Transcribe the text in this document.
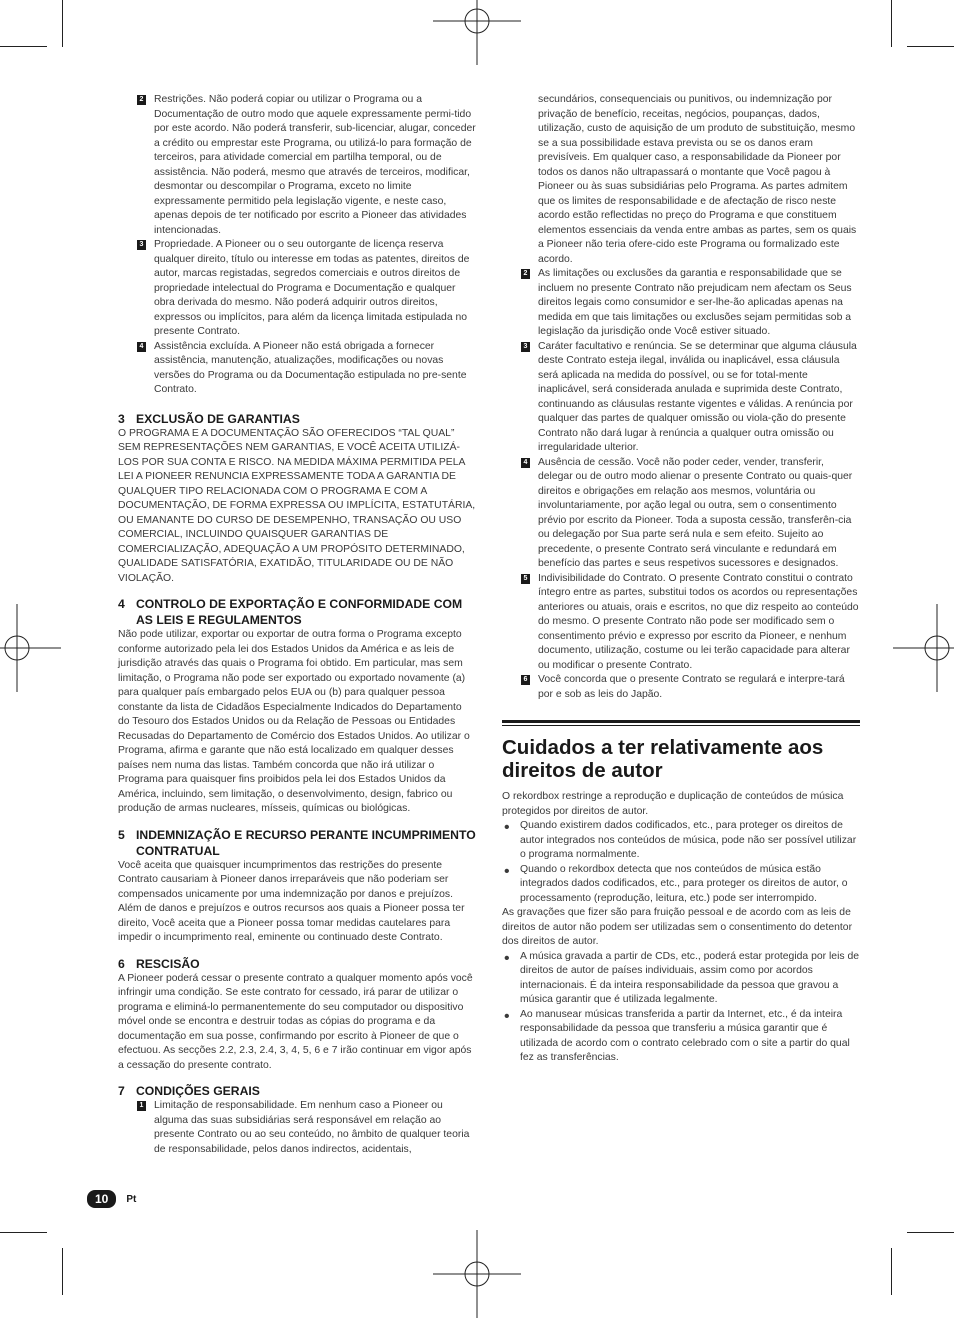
2 Restrições. Não poderá copiar ou utilizar o Programa ou a Documentação de outro modo que aquele expressamente permi-tido por este acordo. Não poderá transferir, sub-licenciar, alugar, conceder a crédito ou emprestar este Programa, ou utilizá-lo para formação de terceiros, para atividade comercial em partilha temporal, ou de assistência. Não poderá, mesmo que através de terceiros, modificar, desmontar ou descompilar o Programa, exceto no limite expressamente permitido pela legislação vigente, e neste caso, apenas depois de ter notificado por escrito a Pioneer das atividades intencionadas.

3 Propriedade. A Pioneer ou o seu outorgante de licença reserva qualquer direito, título ou interesse em todas as patentes, direitos de autor, marcas registadas, segredos comerciais e outros direitos de propriedade intelectual do Programa e Documentação e qualquer obra derivada do mesmo. Não poderá adquirir outros direitos, expressos ou implícitos, para além da licença limitada estipulada no presente Contrato.

4 Assistência excluída. A Pioneer não está obrigada a fornecer assistência, manutenção, atualizações, modificações ou novas versões do Programa ou da Documentação estipulada no pre-sente Contrato.

3 EXCLUSÃO DE GARANTIAS

O PROGRAMA E A DOCUMENTAÇÃO SÃO OFERECIDOS “TAL QUAL” SEM REPRESENTAÇÕES NEM GARANTIAS, E VOCÊ ACEITA UTILIZÁ-LOS POR SUA CONTA E RISCO. NA MEDIDA MÁXIMA PERMITIDA PELA LEI A PIONEER RENUNCIA EXPRESSAMENTE TODA A GARANTIA DE QUALQUER TIPO RELACIONADA COM O PROGRAMA E COM A DOCUMENTAÇÃO, DE FORMA EXPRESSA OU IMPLÍCITA, ESTATUTÁRIA, OU EMANANTE DO CURSO DE DESEMPENHO, TRANSAÇÃO OU USO COMERCIAL, INCLUINDO QUAISQUER GARANTIAS DE COMERCIALIZAÇÃO, ADEQUAÇÃO A UM PROPÓSITO DETERMINADO, QUALIDADE SATISFATÓRIA, EXATIDÃO, TITULARIDADE OU DE NÃO VIOLAÇÃO.

4 CONTROLO DE EXPORTAÇÃO E CONFORMIDADE COM AS LEIS E REGULAMENTOS

Não pode utilizar, exportar ou exportar de outra forma o Programa excepto conforme autorizado pela lei dos Estados Unidos da América e as leis de jurisdição através das quais o Programa foi obtido. Em particular, mas sem limitação, o Programa não pode ser exportado ou exportado novamente (a) para qualquer país embargado pelos EUA ou (b) para qualquer pessoa constante da lista de Cidadãos Especialmente Indicados do Departamento do Tesouro dos Estados Unidos ou da Relação de Pessoas ou Entidades Recusadas do Departamento de Comércio dos Estados Unidos. Ao utilizar o Programa, afirma e garante que não está localizado em qualquer desses países nem numa das listas. Também concorda que não irá utilizar o Programa para quaisquer fins proibidos pela lei dos Estados Unidos da América, incluindo, sem limitação, o desenvolvimento, design, fabrico ou produção de armas nucleares, mísseis, químicas ou biológicas.

5 INDEMNIZAÇÃO E RECURSO PERANTE INCUMPRIMENTO CONTRATUAL

Você aceita que quaisquer incumprimentos das restrições do presente Contrato causariam à Pioneer danos irreparáveis que não poderiam ser compensados unicamente por uma indemnização por danos e prejuízos. Além de danos e prejuízos e outros recursos aos quais a Pioneer possa ter direito, Você aceita que a Pioneer possa tomar medidas cautelares para impedir o incumprimento real, eminente ou continuado deste Contrato.

6 RESCISÃO

A Pioneer poderá cessar o presente contrato a qualquer momento após você infringir uma condição. Se este contrato for cessado, irá parar de utilizar o programa e eliminá-lo permanentemente do seu computador ou dispositivo móvel onde se encontra e destruir todas as cópias do programa e da documentação em sua posse, confirmando por escrito à Pioneer de que o efectuou. As secções 2.2, 2.3, 2.4, 3, 4, 5, 6 e 7 irão continuar em vigor após a cessação do presente contrato.

7 CONDIÇÕES GERAIS
1 Limitação de responsabilidade. Em nenhum caso a Pioneer ou alguma das suas subsidiárias será responsável em relação ao presente Contrato ou ao seu conteúdo, no âmbito de qualquer teoria de responsabilidade, pelos danos indirectos, acidentais,

secundários, consequenciais ou punitivos, ou indemnização por privação de benefício, receitas, negócios, poupanças, dados, utilização, custo de aquisição de um produto de substituição, mesmo se a sua possibilidade estava prevista ou se os danos eram previsíveis. Em qualquer caso, a responsabilidade da Pioneer por todos os danos não ultrapassará o montante que Você pagou à Pioneer ou às suas subsidiárias pelo Programa. As partes admitem que os limites de responsabilidade e de afectação de risco neste acordo estão reflectidas no preço do Programa e que constituem elementos essenciais da venda entre ambas as partes, sem os quais a Pioneer não teria ofere-cido este Programa ou formalizado este acordo.

2 As limitações ou exclusões da garantia e responsabilidade que se incluem no presente Contrato não prejudicam nem afectam os Seus direitos legais como consumidor e ser-lhe-ão aplicadas apenas na medida em que tais limitações ou exclusões sejam permitidas sob a legislação da jurisdição onde Você estiver situado.

3 Caráter facultativo e renúncia. Se se determinar que alguma cláusula deste Contrato esteja ilegal, inválida ou inaplicável, essa cláusula será aplicada na medida do possível, ou se for total-mente inaplicável, será considerada anulada e suprimida deste Contrato, continuando as cláusulas restante vigentes e válidas. A renúncia por qualquer das partes de qualquer omissão ou viola-ção do presente Contrato não dará lugar à renúncia a qualquer outra omissão ou irregularidade ulterior.

4 Ausência de cessão. Você não poder ceder, vender, transferir, delegar ou de outro modo alienar o presente Contrato ou quais-quer direitos e obrigações em relação aos mesmos, voluntária ou involuntariamente, por ação legal ou outra, sem o consentimento prévio por escrito da Pioneer. Toda a suposta cessão, transferên-cia ou delegação por Sua parte será nula e sem efeito. Sujeito ao precedente, o presente Contrato será vinculante e redundará em benefício das partes e seus respetivos sucessores e designados.

5 Indivisibilidade do Contrato. O presente Contrato constitui o contrato íntegro entre as partes, substitui todos os acordos ou representações anteriores ou atuais, orais e escritos, no que diz respeito ao conteúdo do mesmo. O presente Contrato não pode ser modificado sem o consentimento prévio e expresso por escrito da Pioneer, e nenhum documento, utilização, costume ou lei terão capacidade para alterar ou modificar o presente Contrato.

6 Você concorda que o presente Contrato se regulará e interpre-tará por e sob as leis do Japão.

Cuidados a ter relativamente aos direitos de autor

O rekordbox restringe a reprodução e duplicação de conteúdos de música protegidos por direitos de autor.

• Quando existirem dados codificados, etc., para proteger os direitos de autor integrados nos conteúdos de música, pode não ser possível utilizar o programa normalmente.

• Quando o rekordbox detecta que nos conteúdos de música estão integrados dados codificados, etc., para proteger os direitos de autor, o processamento (reprodução, leitura, etc.) pode ser interrompido.

As gravações que fizer são para fruição pessoal e de acordo com as leis de direitos de autor não podem ser utilizadas sem o consentimento do detentor dos direitos de autor.

• A música gravada a partir de CDs, etc., poderá estar protegida por leis de direitos de autor de países individuais, assim como por acordos internacionais. É da inteira responsabilidade da pessoa que gravou a música garantir que é utilizada legalmente.

• Ao manusear músicas transferida a partir da Internet, etc., é da inteira responsabilidade da pessoa que transferiu a música garantir que é utilizada de acordo com o contrato celebrado com o site a partir do qual fez as transferências.

10	Pt
